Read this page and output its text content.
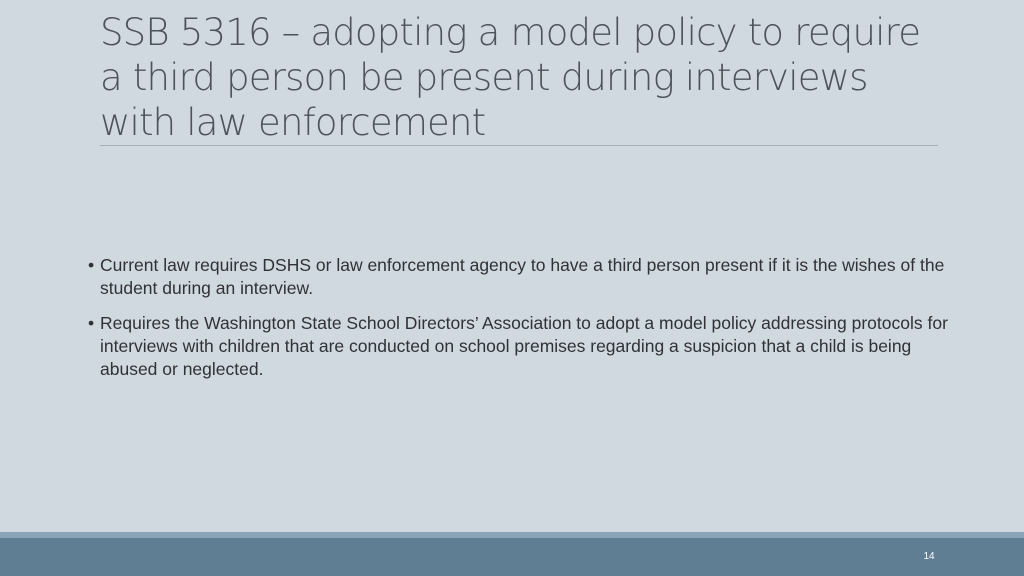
SSB 5316 – adopting a model policy to require a third person be present during interviews with law enforcement
• Current law requires DSHS or law enforcement agency to have a third person present if it is the wishes of the student during an interview.
• Requires the Washington State School Directors’ Association to adopt a model policy addressing protocols for interviews with children that are conducted on school premises regarding a suspicion that a child is being abused or neglected.
14
